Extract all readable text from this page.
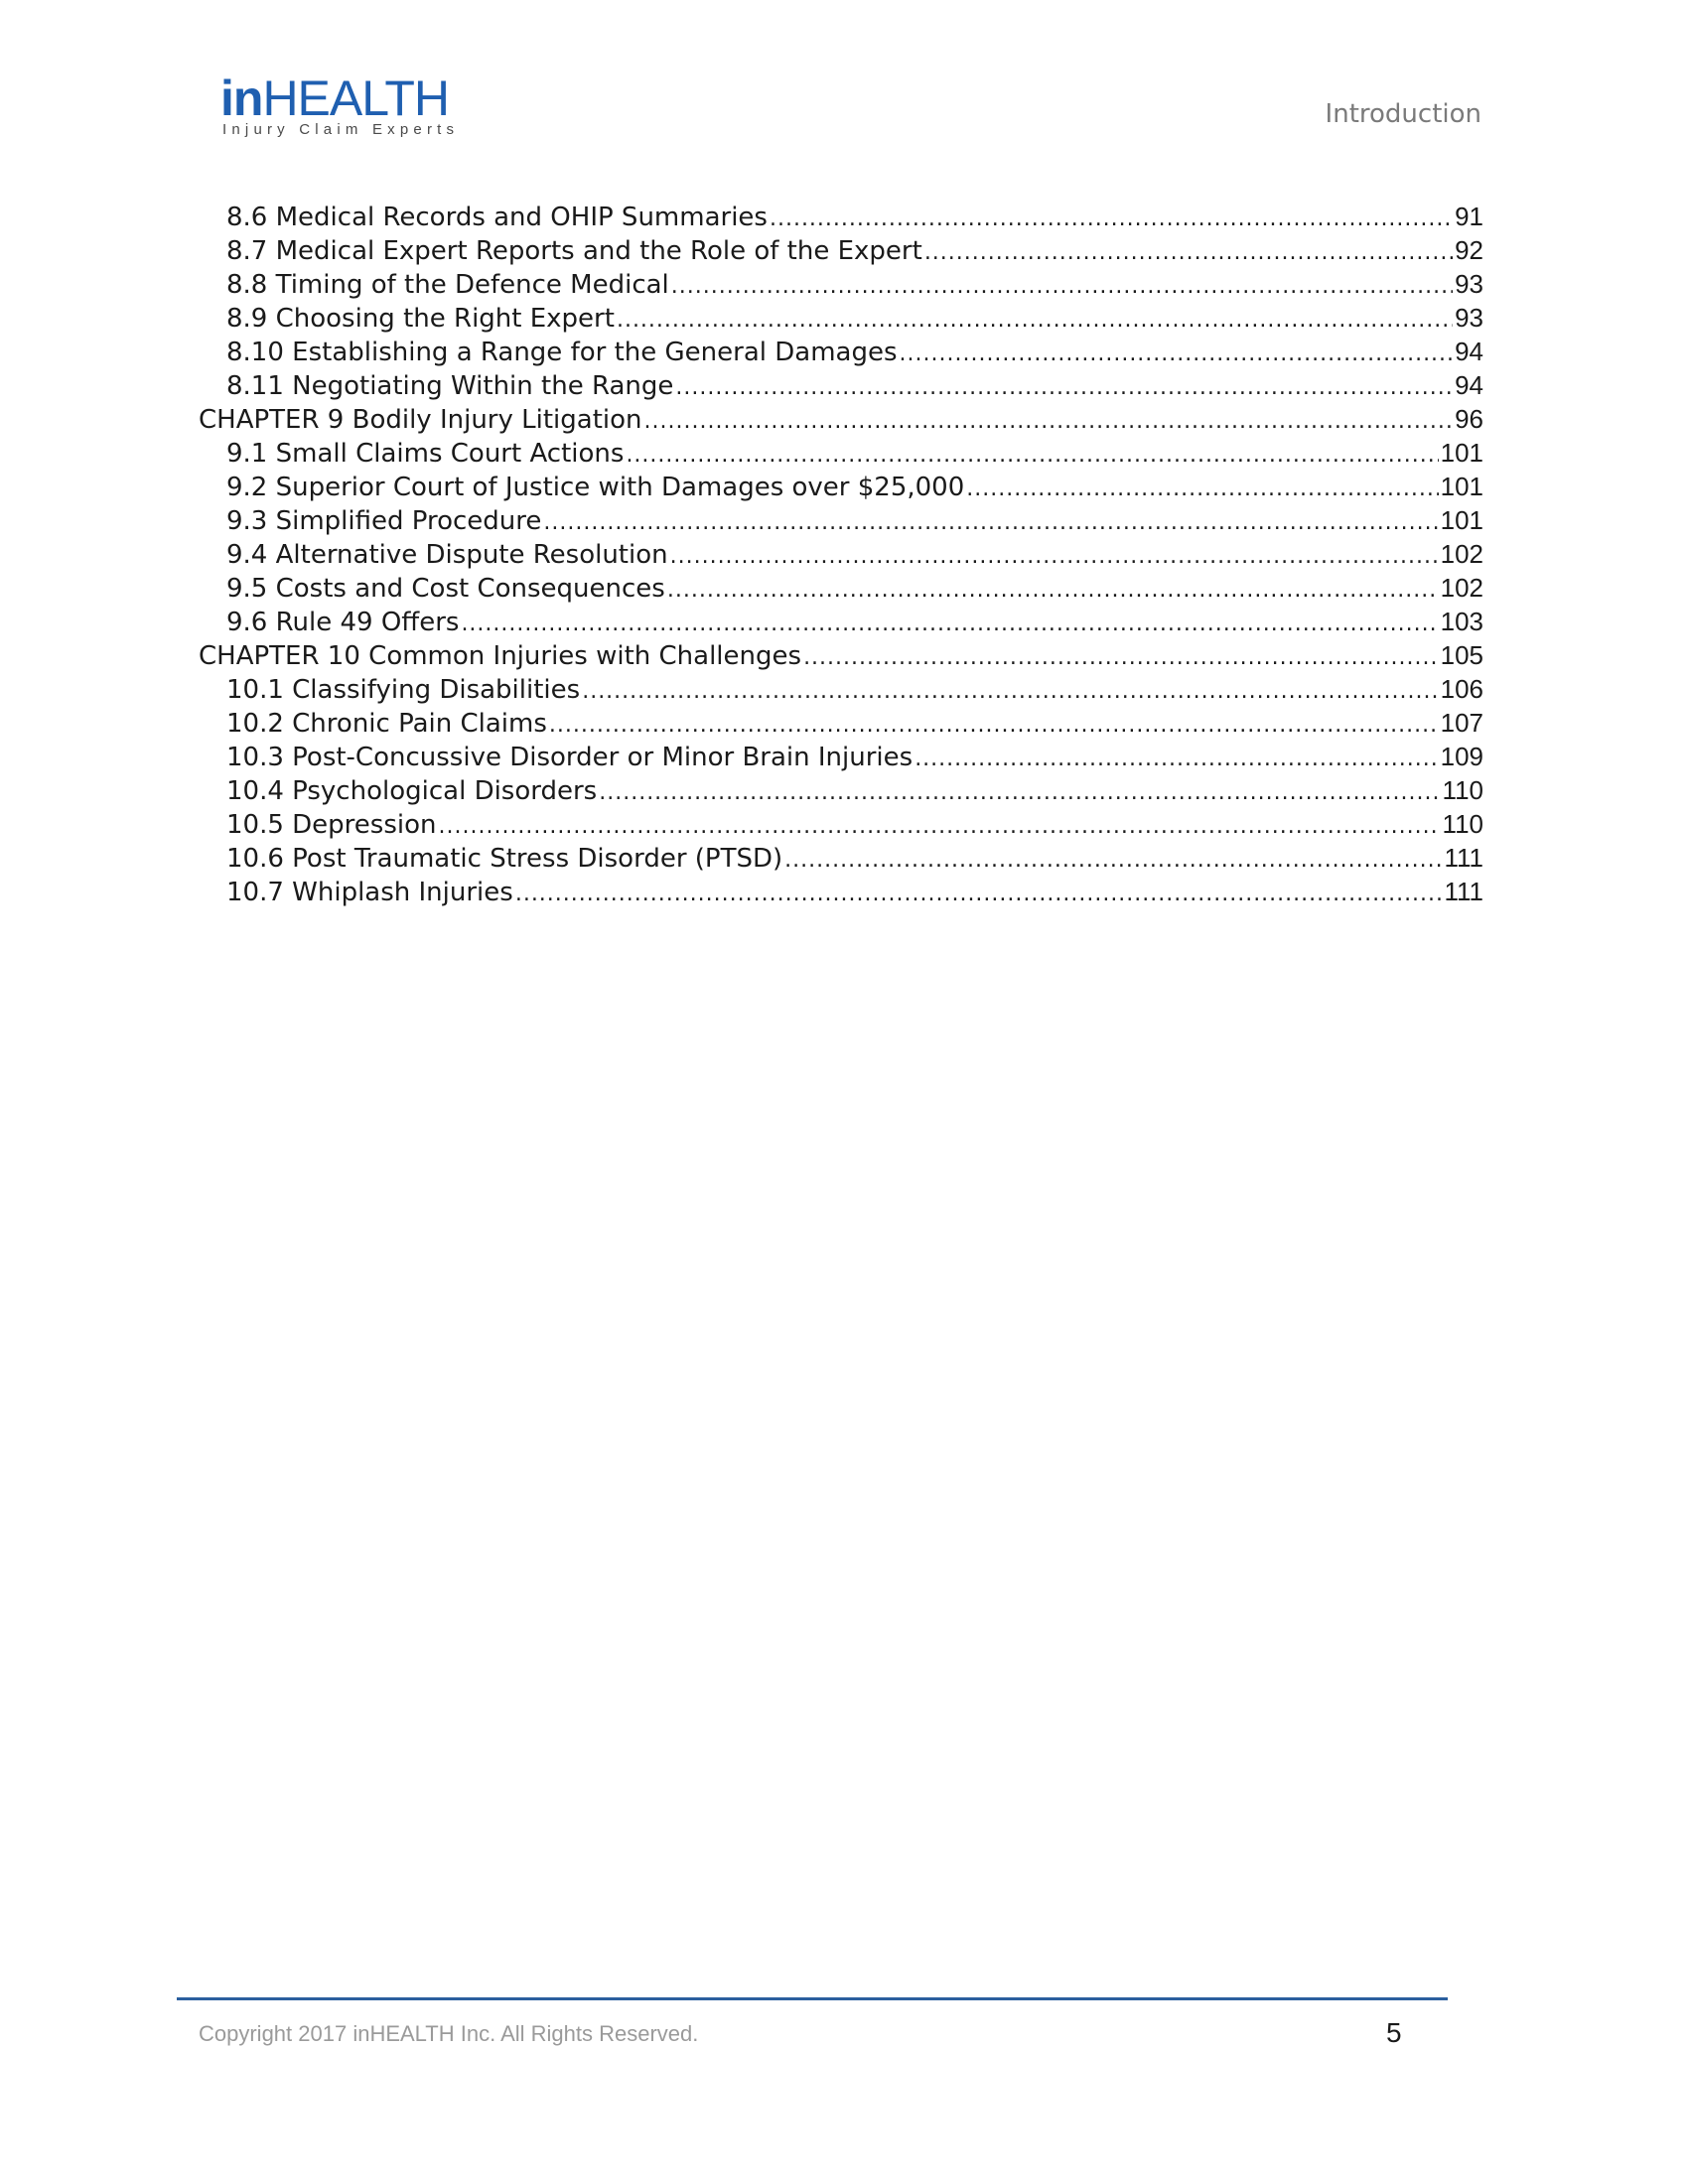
inHEALTH
Injury Claim Experts
Introduction
8.6 Medical Records and OHIP Summaries .....	91
8.7 Medical Expert Reports and the Role of the Expert .....	92
8.8 Timing of the Defence Medical .....	93
8.9 Choosing the Right Expert .....	93
8.10 Establishing a Range for the General Damages .....	94
8.11 Negotiating Within the Range .....	94
CHAPTER 9 Bodily Injury Litigation .....	96
9.1 Small Claims Court Actions .....	101
9.2 Superior Court of Justice with Damages over $25,000 .....	101
9.3 Simplified Procedure .....	101
9.4 Alternative Dispute Resolution .....	102
9.5 Costs and Cost Consequences .....	102
9.6 Rule 49 Offers .....	103
CHAPTER 10 Common Injuries with Challenges .....	105
10.1 Classifying Disabilities .....	106
10.2 Chronic Pain Claims .....	107
10.3 Post-Concussive Disorder or Minor Brain Injuries .....	109
10.4 Psychological Disorders .....	110
10.5 Depression .....	110
10.6 Post Traumatic Stress Disorder (PTSD) .....	111
10.7 Whiplash Injuries .....	111
Copyright 2017 inHEALTH Inc. All Rights Reserved.	5
